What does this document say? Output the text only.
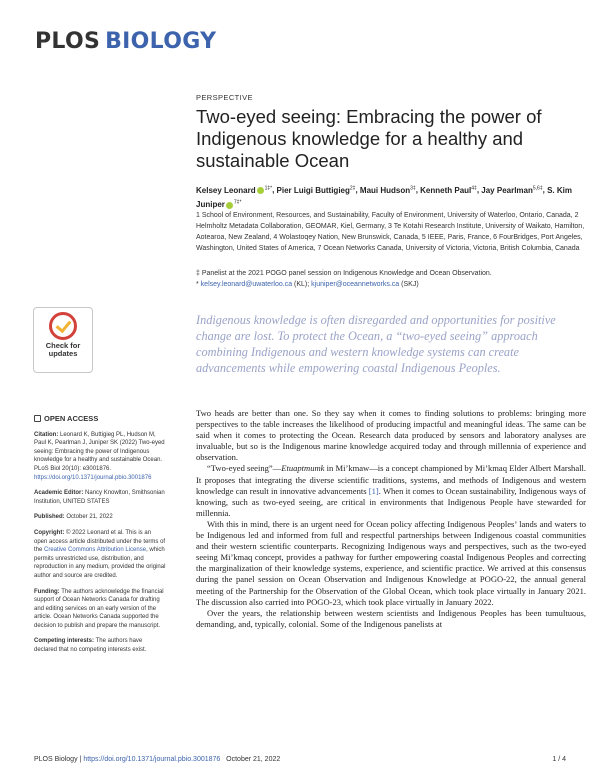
PLOS BIOLOGY
PERSPECTIVE
Two-eyed seeing: Embracing the power of Indigenous knowledge for a healthy and sustainable Ocean
Kelsey Leonard $^{1\ddagger*}$, Pier Luigi Buttigieg$^{2\ddagger}$, Maui Hudson$^{3\ddagger}$, Kenneth Paul$^{4\ddagger}$, Jay Pearlman$^{5,6\ddagger}$, S. Kim Juniper $^{7\ddagger*}$
1 School of Environment, Resources, and Sustainability, Faculty of Environment, University of Waterloo, Ontario, Canada, 2 Helmholtz Metadata Collaboration, GEOMAR, Kiel, Germany, 3 Te Kotahi Research Institute, University of Waikato, Hamilton, Aotearoa, New Zealand, 4 Wolastoqey Nation, New Brunswick, Canada, 5 IEEE, Paris, France, 6 FourBridges, Port Angeles, Washington, United States of America, 7 Ocean Networks Canada, University of Victoria, Victoria, British Columbia, Canada
‡ Panelist at the 2021 POGO panel session on Indigenous Knowledge and Ocean Observation.
* kelsey.leonard@uwaterloo.ca (KL); kjuniper@oceannetworks.ca (SKJ)
Indigenous knowledge is often disregarded and opportunities for positive change are lost. To protect the Ocean, a “two-eyed seeing” approach combining Indigenous and western knowledge systems can create advancements while empowering coastal Indigenous Peoples.
Check for
updates
OPEN ACCESS

Citation: Leonard K, Buttigieg PL, Hudson M, Paul K, Pearlman J, Juniper SK (2022) Two-eyed seeing: Embracing the power of Indigenous knowledge for a healthy and sustainable Ocean. PLoS Biol 20(10): e3001876. https://doi.org/10.1371/journal.pbio.3001876

Academic Editor: Nancy Knowlton, Smithsonian Institution, UNITED STATES

Published: October 21, 2022

Copyright: © 2022 Leonard et al. This is an open access article distributed under the terms of the Creative Commons Attribution License, which permits unrestricted use, distribution, and reproduction in any medium, provided the original author and source are credited.

Funding: The authors acknowledge the financial support of Ocean Networks Canada for drafting and editing services on an early version of the article. Ocean Networks Canada supported the decision to publish and prepare the manuscript.

Competing interests: The authors have declared that no competing interests exist.

Two heads are better than one. So they say when it comes to finding solutions to problems: bringing more perspectives to the table increases the likelihood of producing impactful and meaningful ideas. The same can be said when it comes to protecting the Ocean. Research data produced by sensors and laboratory analyses are invaluable, but so is the Indigenous marine knowledge acquired today and through millennia of experience and observation.

“Two-eyed seeing”—Etuaptmumk in Mi’kmaw—is a concept championed by Mi’kmaq Elder Albert Marshall. It proposes that integrating the diverse scientific traditions, systems, and methods of Indigenous and western knowledge can result in innovative advancements [1]. When it comes to Ocean sustainability, Indigenous ways of knowing, such as two-eyed seeing, are critical in environments that Indigenous People have stewarded for millennia.

With this in mind, there is an urgent need for Ocean policy affecting Indigenous Peoples’ lands and waters to be Indigenous led and informed from full and respectful partnerships between Indigenous coastal communities and their western scientific counterparts. Recognizing Indigenous ways and perspectives, such as the two-eyed seeing Mi’kmaq concept, provides a pathway for further empowering coastal Indigenous Peoples and correcting the marginalization of their knowledge systems, experience, and scientific practice. We arrived at this consensus during the panel session on Ocean Observation and Indigenous Knowledge at POGO-22, the annual general meeting of the Partnership for the Observation of the Global Ocean, which took place virtually in January 2021. The discussion also carried into POGO-23, which took place virtually in January 2022.

Over the years, the relationship between western scientists and Indigenous Peoples has been tumultuous, demanding, and, typically, colonial. Some of the Indigenous panelists at

PLOS Biology | https://doi.org/10.1371/journal.pbio.3001876 October 21, 2022	1 / 4
